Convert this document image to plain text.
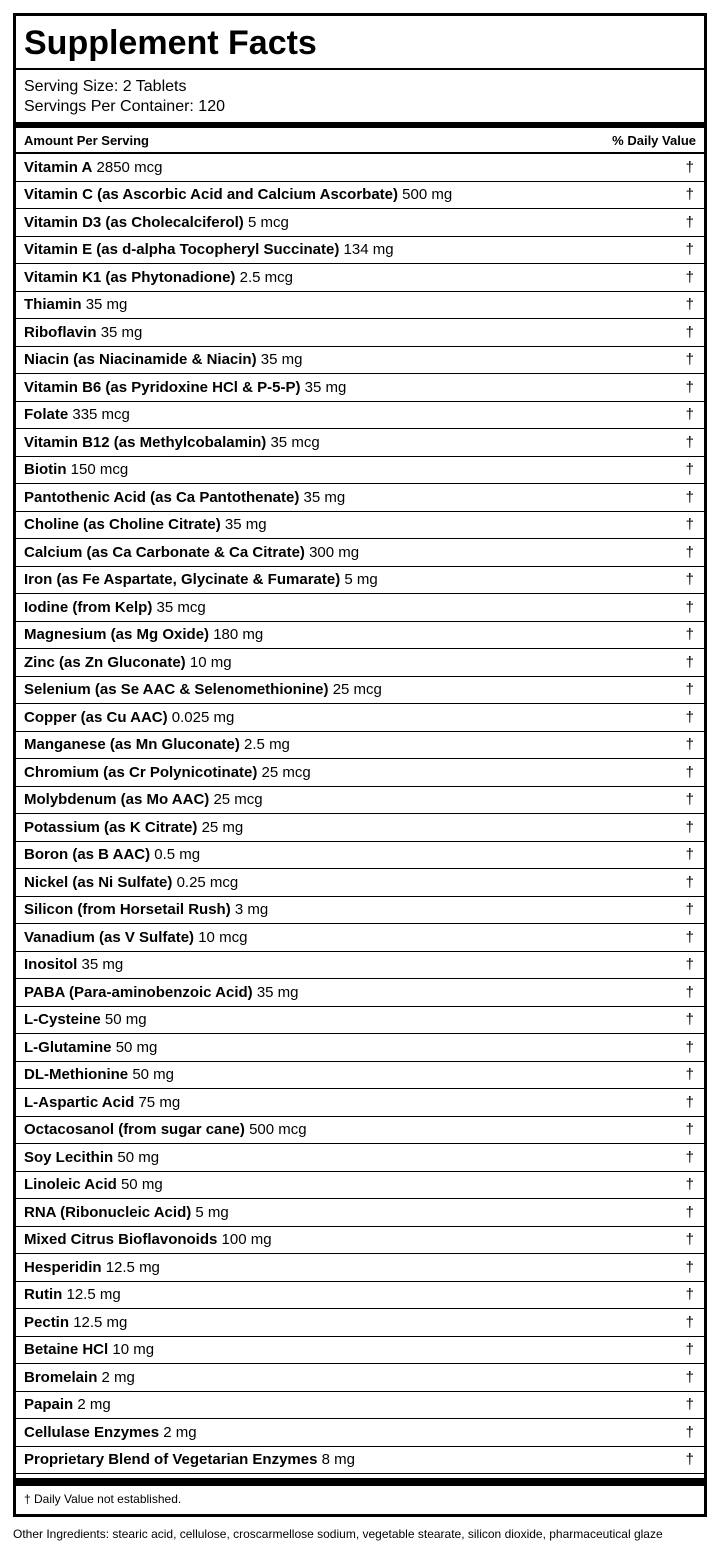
Supplement Facts
Serving Size: 2 Tablets
Servings Per Container: 120
Amount Per Serving	% Daily Value
Vitamin A 2850 mcg	†
Vitamin C (as Ascorbic Acid and Calcium Ascorbate) 500 mg	†
Vitamin D3 (as Cholecalciferol) 5 mcg	†
Vitamin E (as d-alpha Tocopheryl Succinate) 134 mg	†
Vitamin K1 (as Phytonadione) 2.5 mcg	†
Thiamin 35 mg	†
Riboflavin 35 mg	†
Niacin (as Niacinamide & Niacin) 35 mg	†
Vitamin B6 (as Pyridoxine HCl & P-5-P) 35 mg	†
Folate 335 mcg	†
Vitamin B12 (as Methylcobalamin) 35 mcg	†
Biotin 150 mcg	†
Pantothenic Acid (as Ca Pantothenate) 35 mg	†
Choline (as Choline Citrate) 35 mg	†
Calcium (as Ca Carbonate & Ca Citrate) 300 mg	†
Iron (as Fe Aspartate, Glycinate & Fumarate) 5 mg	†
Iodine (from Kelp) 35 mcg	†
Magnesium (as Mg Oxide) 180 mg	†
Zinc (as Zn Gluconate) 10 mg	†
Selenium (as Se AAC & Selenomethionine) 25 mcg	†
Copper (as Cu AAC) 0.025 mg	†
Manganese (as Mn Gluconate) 2.5 mg	†
Chromium (as Cr Polynicotinate) 25 mcg	†
Molybdenum (as Mo AAC) 25 mcg	†
Potassium (as K Citrate) 25 mg	†
Boron (as B AAC) 0.5 mg	†
Nickel (as Ni Sulfate) 0.25 mcg	†
Silicon (from Horsetail Rush) 3 mg	†
Vanadium (as V Sulfate) 10 mcg	†
Inositol 35 mg	†
PABA (Para-aminobenzoic Acid) 35 mg	†
L-Cysteine 50 mg	†
L-Glutamine 50 mg	†
DL-Methionine 50 mg	†
L-Aspartic Acid 75 mg	†
Octacosanol (from sugar cane) 500 mcg	†
Soy Lecithin 50 mg	†
Linoleic Acid 50 mg	†
RNA (Ribonucleic Acid) 5 mg	†
Mixed Citrus Bioflavonoids 100 mg	†
Hesperidin 12.5 mg	†
Rutin 12.5 mg	†
Pectin 12.5 mg	†
Betaine HCl 10 mg	†
Bromelain 2 mg	†
Papain 2 mg	†
Cellulase Enzymes 2 mg	†
Proprietary Blend of Vegetarian Enzymes 8 mg	†
† Daily Value not established.
Other Ingredients: stearic acid, cellulose, croscarmellose sodium, vegetable stearate, silicon dioxide, pharmaceutical glaze
